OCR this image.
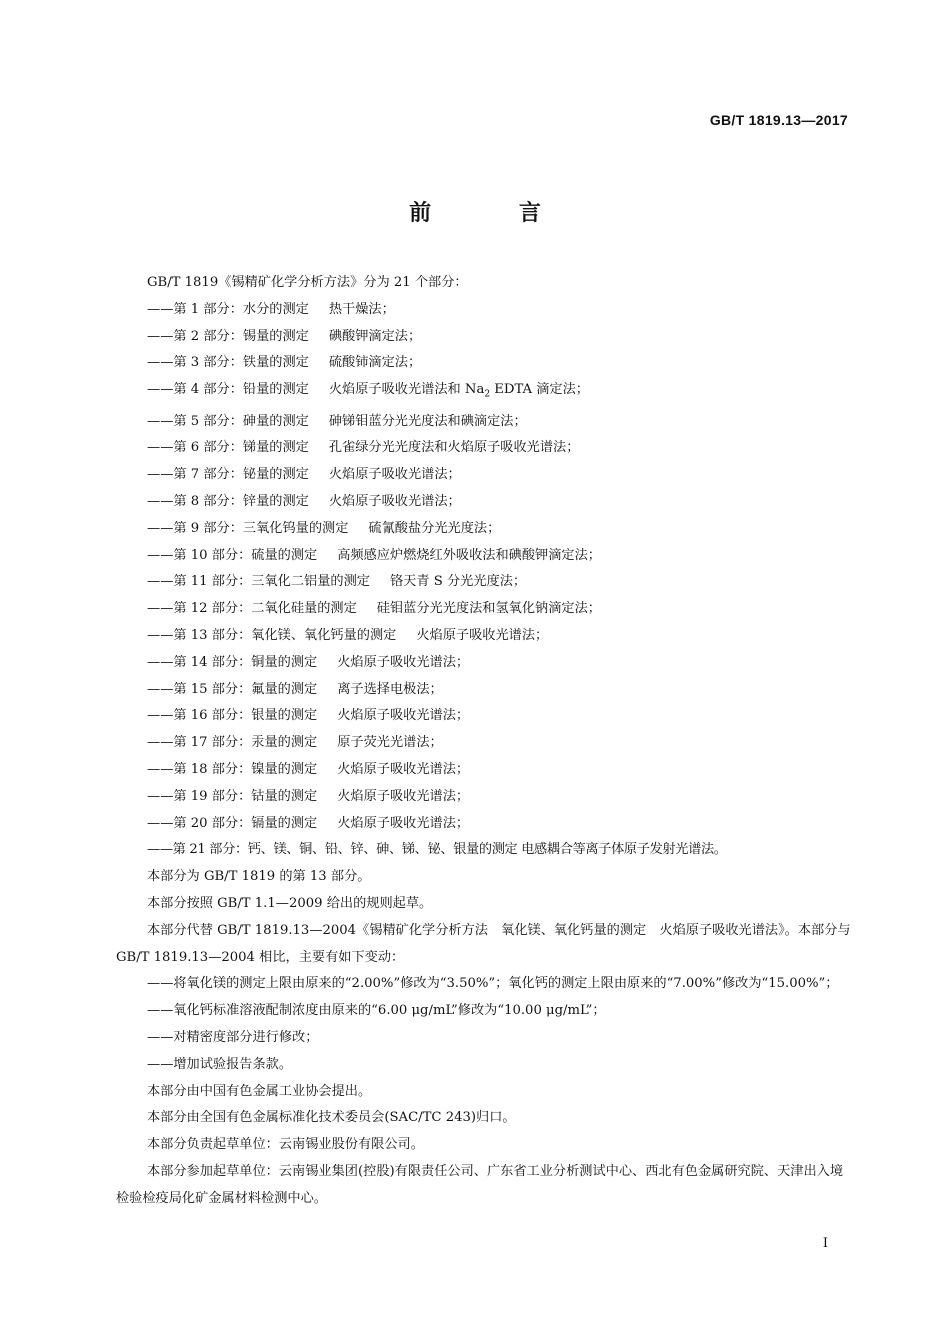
GB/T 1819.13—2017
前 言

GB/T 1819《锡精矿化学分析方法》分为 21 个部分：

——第 1 部分：水分的测定 热干燥法；

——第 2 部分：锡量的测定 碘酸钾滴定法；

——第 3 部分：铁量的测定 硫酸铈滴定法；

——第 4 部分：铅量的测定 火焰原子吸收光谱法和 $Na_2$ EDTA 滴定法；

——第 5 部分：砷量的测定 砷锑钼蓝分光光度法和碘滴定法；

——第 6 部分：锑量的测定 孔雀绿分光光度法和火焰原子吸收光谱法；

——第 7 部分：铋量的测定 火焰原子吸收光谱法；

——第 8 部分：锌量的测定 火焰原子吸收光谱法；

——第 9 部分：三氧化钨量的测定 硫氰酸盐分光光度法；

——第 10 部分：硫量的测定 高频感应炉燃烧红外吸收法和碘酸钾滴定法；

——第 11 部分：三氧化二铝量的测定 铬天青 S 分光光度法；

——第 12 部分：二氧化硅量的测定 硅钼蓝分光光度法和氢氧化钠滴定法；

——第 13 部分：氧化镁、氧化钙量的测定 火焰原子吸收光谱法；

——第 14 部分：铜量的测定 火焰原子吸收光谱法；

——第 15 部分：氟量的测定 离子选择电极法；

——第 16 部分：银量的测定 火焰原子吸收光谱法；

——第 17 部分：汞量的测定 原子荧光光谱法；

——第 18 部分：镍量的测定 火焰原子吸收光谱法；

——第 19 部分：钴量的测定 火焰原子吸收光谱法；

——第 20 部分：镉量的测定 火焰原子吸收光谱法；

——第 21 部分：钙、镁、铜、铅、锌、砷、锑、铋、银量的测定 电感耦合等离子体原子发射光谱法。

本部分为 GB/T 1819 的第 13 部分。

本部分按照 GB/T 1.1—2009 给出的规则起草。

本部分代替 GB/T 1819.13—2004《锡精矿化学分析方法　氧化镁、氧化钙量的测定　火焰原子吸收光谱法》。本部分与 GB/T 1819.13—2004 相比，主要有如下变动：

——将氧化镁的测定上限由原来的“2.00%”修改为“3.50%”；氧化钙的测定上限由原来的“7.00%”修改为“15.00%”；

——氧化钙标准溶液配制浓度由原来的“6.00 μg/mL”修改为“10.00 μg/mL”；

——对精密度部分进行修改；

——增加试验报告条款。

本部分由中国有色金属工业协会提出。

本部分由全国有色金属标准化技术委员会(SAC/TC 243)归口。

本部分负责起草单位：云南锡业股份有限公司。

本部分参加起草单位：云南锡业集团(控股)有限责任公司、广东省工业分析测试中心、西北有色金属研究院、天津出入境检验检疫局化矿金属材料检测中心。

I
